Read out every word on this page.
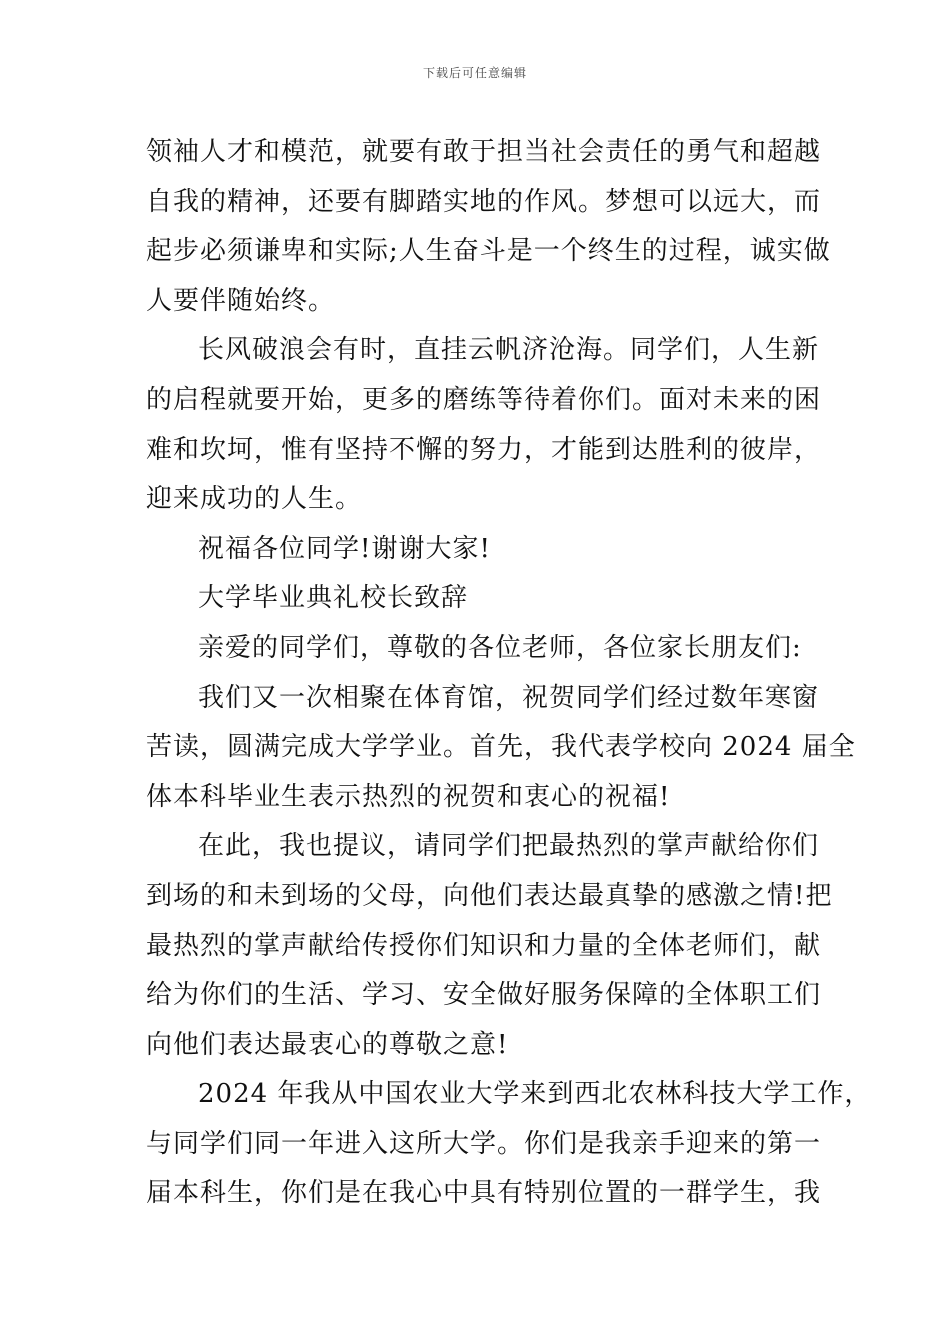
下载后可任意编辑
领袖人才和模范，就要有敢于担当社会责任的勇气和超越
自我的精神，还要有脚踏实地的作风。梦想可以远大，而
起步必须谦卑和实际;人生奋斗是一个终生的过程，诚实做
人要伴随始终。
长风破浪会有时，直挂云帆济沧海。同学们，人生新
的启程就要开始，更多的磨练等待着你们。面对未来的困
难和坎坷，惟有坚持不懈的努力，才能到达胜利的彼岸，
迎来成功的人生。
祝福各位同学!谢谢大家!
大学毕业典礼校长致辞
亲爱的同学们，尊敬的各位老师，各位家长朋友们:
我们又一次相聚在体育馆，祝贺同学们经过数年寒窗
苦读，圆满完成大学学业。首先，我代表学校向 2024 届全
体本科毕业生表示热烈的祝贺和衷心的祝福!
在此，我也提议，请同学们把最热烈的掌声献给你们
到场的和未到场的父母，向他们表达最真挚的感激之情!把
最热烈的掌声献给传授你们知识和力量的全体老师们，献
给为你们的生活、学习、安全做好服务保障的全体职工们
向他们表达最衷心的尊敬之意!
2024 年我从中国农业大学来到西北农林科技大学工作，
与同学们同一年进入这所大学。你们是我亲手迎来的第一
届本科生，你们是在我心中具有特别位置的一群学生，我
